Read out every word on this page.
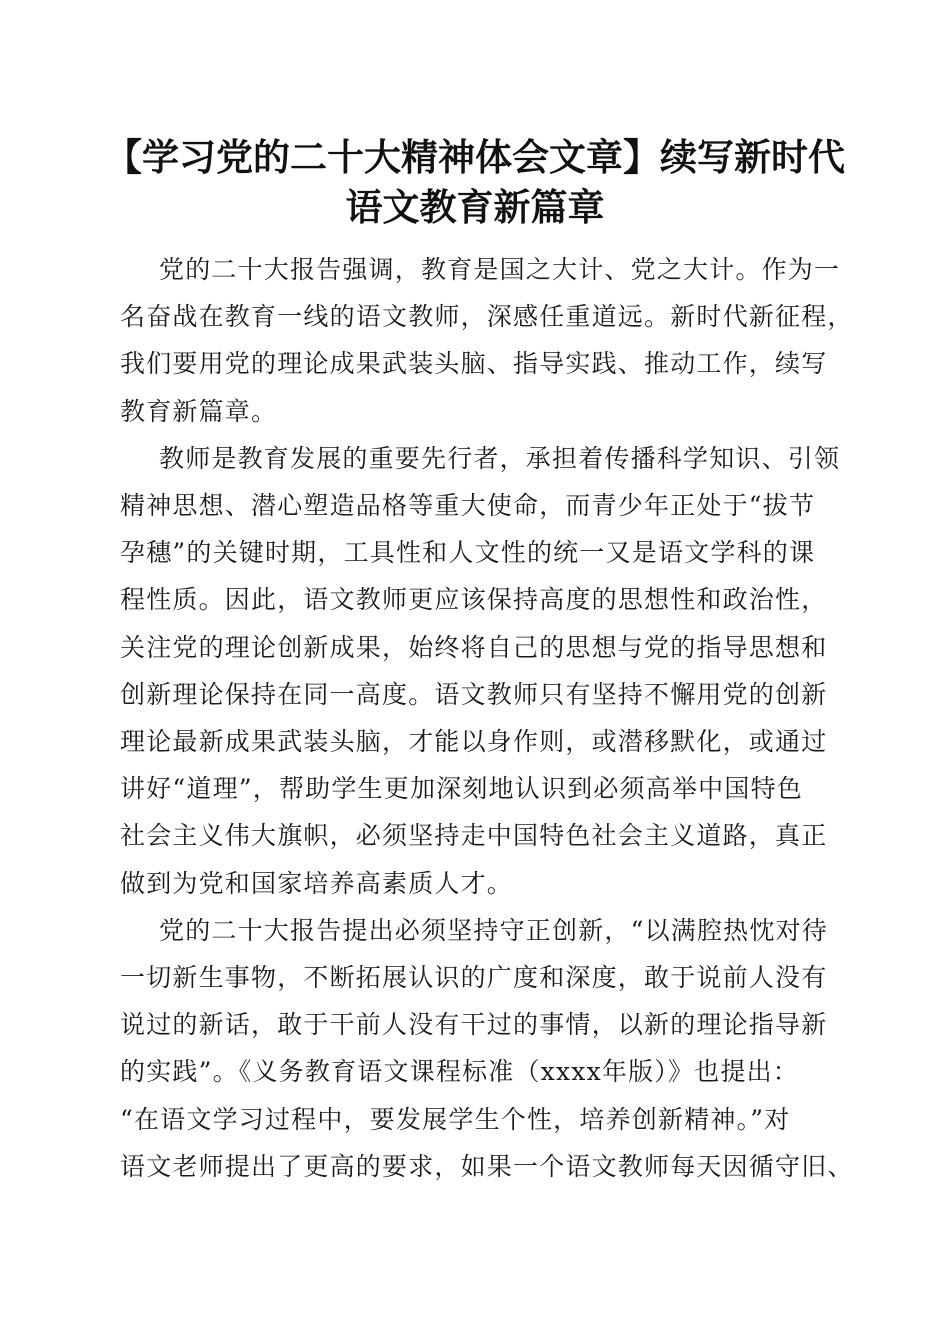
【学习党的二十大精神体会文章】续写新时代
语文教育新篇章
党的二十大报告强调，教育是国之大计、党之大计。作为一
名奋战在教育一线的语文教师，深感任重道远。新时代新征程，
我们要用党的理论成果武装头脑、指导实践、推动工作，续写
教育新篇章。
教师是教育发展的重要先行者，承担着传播科学知识、引领
精神思想、潜心塑造品格等重大使命，而青少年正处于“拔节
孕穗”的关键时期，工具性和人文性的统一又是语文学科的课
程性质。因此，语文教师更应该保持高度的思想性和政治性，
关注党的理论创新成果，始终将自己的思想与党的指导思想和
创新理论保持在同一高度。语文教师只有坚持不懈用党的创新
理论最新成果武装头脑，才能以身作则，或潜移默化，或通过
讲好“道理”，帮助学生更加深刻地认识到必须高举中国特色
社会主义伟大旗帜，必须坚持走中国特色社会主义道路，真正
做到为党和国家培养高素质人才。
党的二十大报告提出必须坚持守正创新，“以满腔热忱对待
一切新生事物，不断拓展认识的广度和深度，敢于说前人没有
说过的新话，敢于干前人没有干过的事情，以新的理论指导新
的实践”。《义务教育语文课程标准（xxxx年版）》也提出：
“在语文学习过程中，要发展学生个性，培养创新精神。”对
语文老师提出了更高的要求，如果一个语文教师每天因循守旧、
